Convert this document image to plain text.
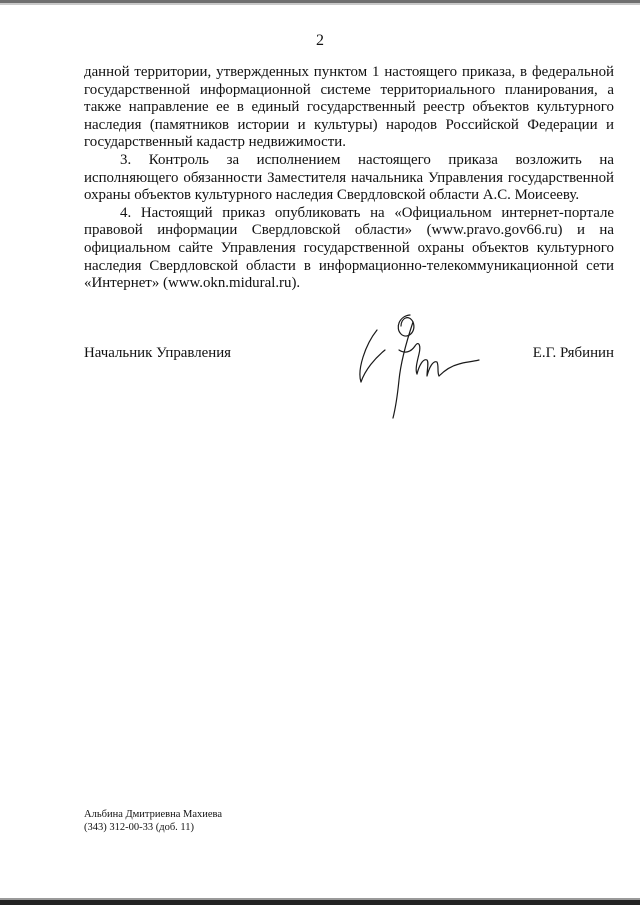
2

данной территории, утвержденных пунктом 1 настоящего приказа, в федеральной государственной информационной системе территориального планирования, а также направление ее в единый государственный реестр объектов культурного наследия (памятников истории и культуры) народов Российской Федерации и государственный кадастр недвижимости.

3. Контроль за исполнением настоящего приказа возложить на исполняющего обязанности Заместителя начальника Управления государственной охраны объектов культурного наследия Свердловской области А.С. Моисееву.

4. Настоящий приказ опубликовать на «Официальном интернет-портале правовой информации Свердловской области» (www.pravo.gov66.ru) и на официальном сайте Управления государственной охраны объектов культурного наследия Свердловской области в информационно-телекоммуникационной сети «Интернет» (www.okn.midural.ru).

Начальник Управления	Е.Г. Рябинин
Альбина Дмитриевна Махиева
(343) 312-00-33 (доб. 11)
